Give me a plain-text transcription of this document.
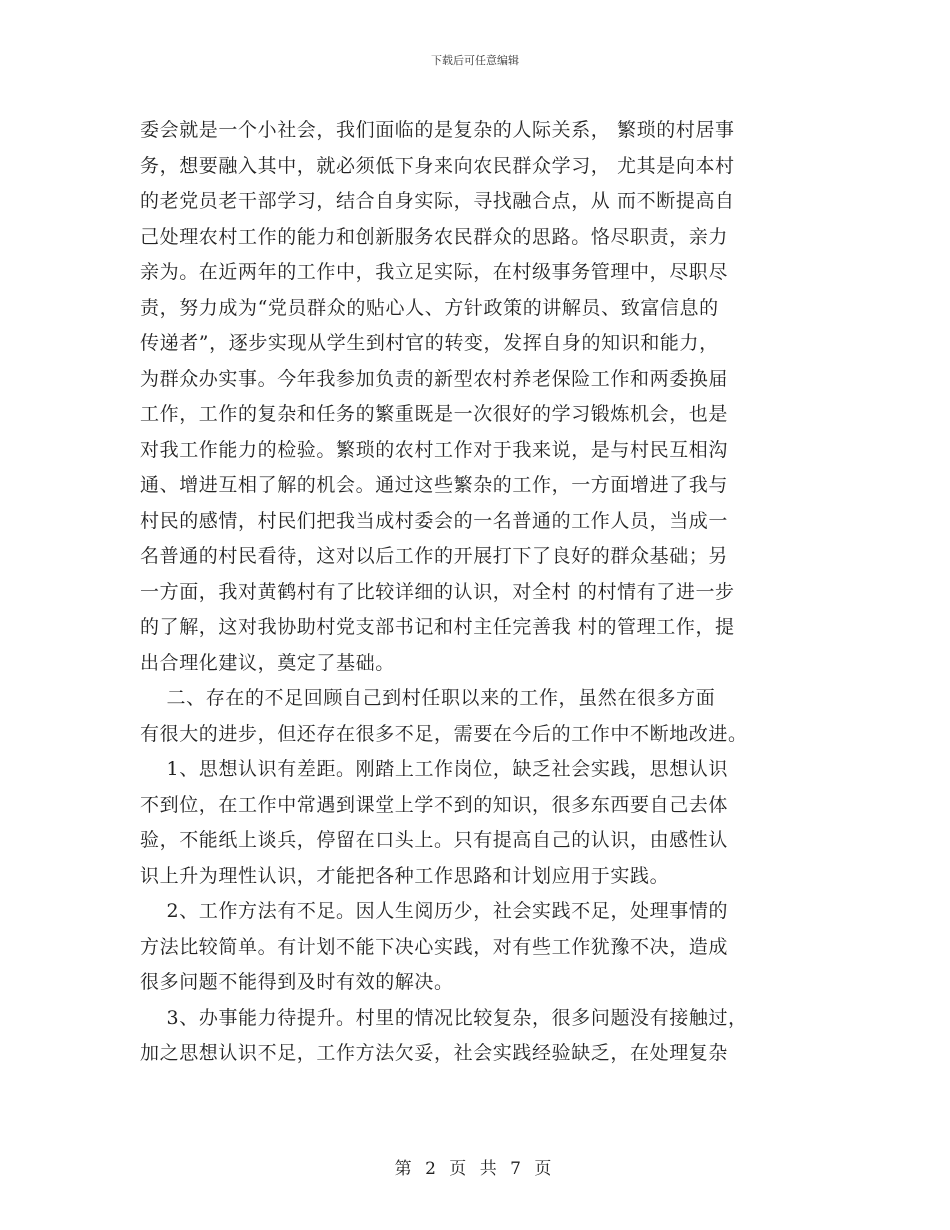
下载后可任意编辑
委会就是一个小社会，我们面临的是复杂的人际关系， 繁琐的村居事
务，想要融入其中，就必须低下身来向农民群众学习， 尤其是向本村
的老党员老干部学习，结合自身实际，寻找融合点，从 而不断提高自
己处理农村工作的能力和创新服务农民群众的思路。恪尽职责，亲力
亲为。在近两年的工作中，我立足实际，在村级事务管理中，尽职尽
责，努力成为“党员群众的贴心人、方针政策的讲解员、致富信息的
传递者”，逐步实现从学生到村官的转变，发挥自身的知识和能力，
为群众办实事。今年我参加负责的新型农村养老保险工作和两委换届
工作，工作的复杂和任务的繁重既是一次很好的学习锻炼机会，也是
对我工作能力的检验。繁琐的农村工作对于我来说，是与村民互相沟
通、增进互相了解的机会。通过这些繁杂的工作，一方面增进了我与
村民的感情，村民们把我当成村委会的一名普通的工作人员，当成一
名普通的村民看待，这对以后工作的开展打下了良好的群众基础；另
一方面，我对黄鹤村有了比较详细的认识，对全村 的村情有了进一步
的了解，这对我协助村党支部书记和村主任完善我 村的管理工作，提
出合理化建议，奠定了基础。
二、存在的不足回顾自己到村任职以来的工作，虽然在很多方面
有很大的进步，但还存在很多不足，需要在今后的工作中不断地改进。
1、思想认识有差距。刚踏上工作岗位，缺乏社会实践，思想认识
不到位，在工作中常遇到课堂上学不到的知识，很多东西要自己去体
验，不能纸上谈兵，停留在口头上。只有提高自己的认识，由感性认
识上升为理性认识，才能把各种工作思路和计划应用于实践。
2、工作方法有不足。因人生阅历少，社会实践不足，处理事情的
方法比较简单。有计划不能下决心实践，对有些工作犹豫不决，造成
很多问题不能得到及时有效的解决。
3、办事能力待提升。村里的情况比较复杂，很多问题没有接触过，
加之思想认识不足，工作方法欠妥，社会实践经验缺乏，在处理复杂
第 2 页 共 7 页
